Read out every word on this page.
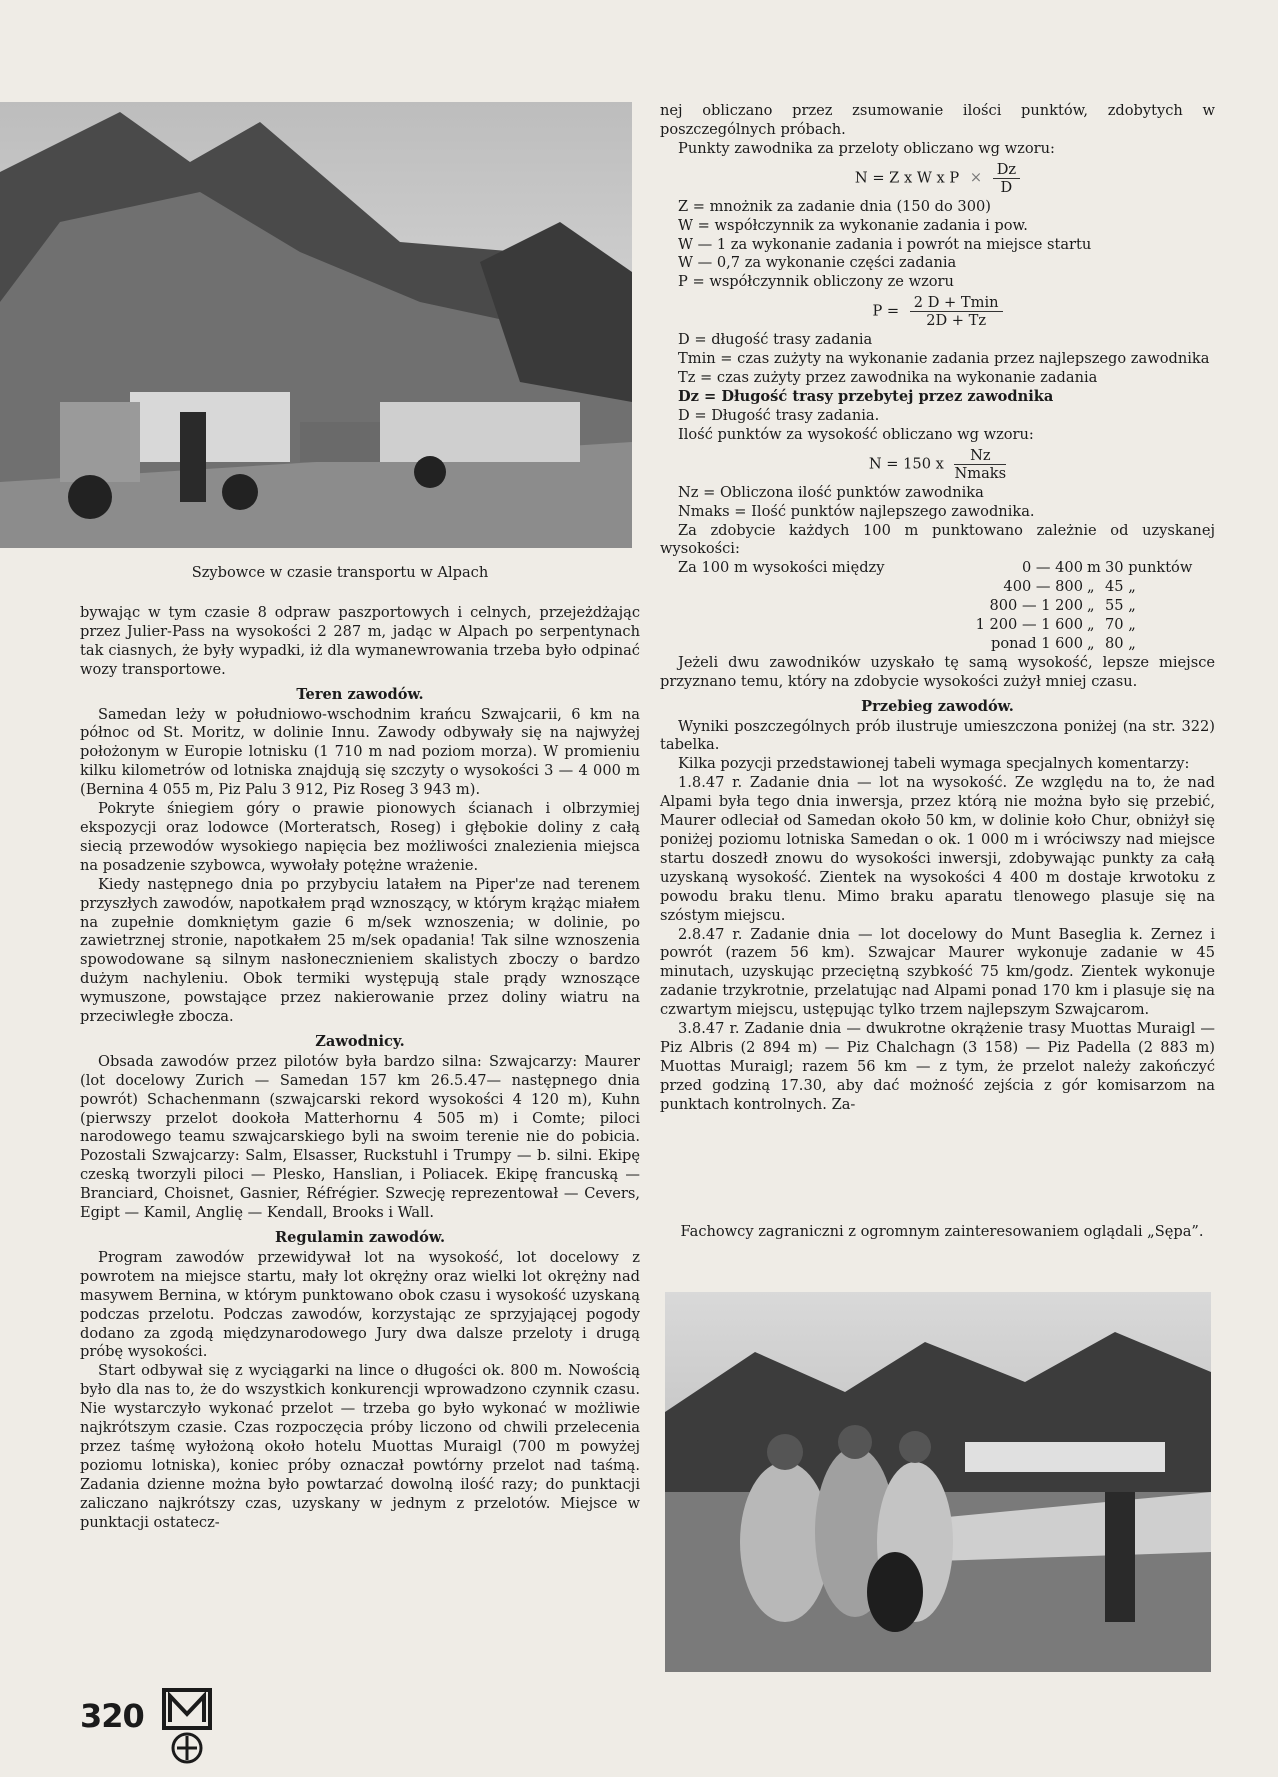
Szybowce w czasie transportu w Alpach

bywając w tym czasie 8 odpraw paszportowych i celnych, przejeżdżając przez Julier-Pass na wysokości 2 287 m, jadąc w Alpach po serpentynach tak ciasnych, że były wypadki, iż dla wymanewrowania trzeba było odpinać wozy transportowe.

Teren zawodów.

Samedan leży w południowo-wschodnim krańcu Szwajcarii, 6 km na północ od St. Moritz, w dolinie Innu. Zawody odbywały się na najwyżej położonym w Europie lotnisku (1 710 m nad poziom morza). W promieniu kilku kilometrów od lotniska znajdują się szczyty o wysokości 3 — 4 000 m (Bernina 4 055 m, Piz Palu 3 912, Piz Roseg 3 943 m).

Pokryte śniegiem góry o prawie pionowych ścianach i olbrzymiej ekspozycji oraz lodowce (Morteratsch, Roseg) i głębokie doliny z całą siecią przewodów wysokiego napięcia bez możliwości znalezienia miejsca na posadzenie szybowca, wywołały potężne wrażenie.

Kiedy następnego dnia po przybyciu latałem na Piper'ze nad terenem przyszłych zawodów, napotkałem prąd wznoszący, w którym krążąc miałem na zupełnie domkniętym gazie 6 m/sek wznoszenia; w dolinie, po zawietrznej stronie, napotkałem 25 m/sek opadania! Tak silne wznoszenia spowodowane są silnym nasłonecznieniem skalistych zboczy o bardzo dużym nachyleniu. Obok termiki występują stale prądy wznoszące wymuszone, powstające przez nakierowanie przez doliny wiatru na przeciwległe zbocza.

Zawodnicy.

Obsada zawodów przez pilotów była bardzo silna: Szwajcarzy: Maurer (lot docelowy Zurich — Samedan 157 km 26.5.47— następnego dnia powrót) Schachenmann (szwajcarski rekord wysokości 4 120 m), Kuhn (pierwszy przelot dookoła Matterhornu 4 505 m) i Comte; piloci narodowego teamu szwajcarskiego byli na swoim terenie nie do pobicia. Pozostali Szwajcarzy: Salm, Elsasser, Ruckstuhl i Trumpy — b. silni. Ekipę czeską tworzyli piloci — Plesko, Hanslian, i Poliacek. Ekipę francuską — Branciard, Choisnet, Gasnier, Réfrégier. Szwecję reprezentował — Cevers, Egipt — Kamil, Anglię — Kendall, Brooks i Wall.

Regulamin zawodów.

Program zawodów przewidywał lot na wysokość, lot docelowy z powrotem na miejsce startu, mały lot okrężny oraz wielki lot okrężny nad masywem Bernina, w którym punktowano obok czasu i wysokość uzyskaną podczas przelotu. Podczas zawodów, korzystając ze sprzyjającej pogody dodano za zgodą międzynarodowego Jury dwa dalsze przeloty i drugą próbę wysokości.

Start odbywał się z wyciągarki na lince o długości ok. 800 m. Nowością było dla nas to, że do wszystkich konkurencji wprowadzono czynnik czasu. Nie wystarczyło wykonać przelot — trzeba go było wykonać w możliwie najkrótszym czasie. Czas rozpoczęcia próby liczono od chwili przelecenia przez taśmę wyłożoną około hotelu Muottas Muraigl (700 m powyżej poziomu lotniska), koniec próby oznaczał powtórny przelot nad taśmą. Zadania dzienne można było powtarzać dowolną ilość razy; do punktacji zaliczano najkrótszy czas, uzyskany w jednym z przelotów. Miejsce w punktacji ostatecz-

nej obliczano przez zsumowanie ilości punktów, zdobytych w poszczególnych próbach.

Punkty zawodnika za przeloty obliczano wg wzoru:

N = Z x W x $P \times \frac{Dz}{D}$

Z = mnożnik za zadanie dnia (150 do 300)

W = współczynnik za wykonanie zadania i pow.

W — 1 za wykonanie zadania i powrót na miejsce startu

W — 0,7 za wykonanie części zadania

P = współczynnik obliczony ze wzoru

$P = \frac{2 D + Tmin}{2D + Tz}$

D = długość trasy zadania

Tmin = czas zużyty na wykonanie zadania przez najlepszego zawodnika

Tz = czas zużyty przez zawodnika na wykonanie zadania

Dz = Długość trasy przebytej przez zawodnika

D = Długość trasy zadania.

Ilość punktów za wysokość obliczano wg wzoru:

N = 150 x $\frac{Nz}{\text{Nmaks}}$

Nz = Obliczona ilość punktów zawodnika

Nmaks = Ilość punktów najlepszego zawodnika.

Za zdobycie każdych 100 m punktowano zależnie od uzyskanej wysokości:

Za 100 m wysokości między	0 — 400	m	30 punktów
	400 — 800	„	45 „
	800 — 1 200	„	55 „
	1 200 — 1 600	„	70 „
	ponad 1 600	„	80 „

Jeżeli dwu zawodników uzyskało tę samą wysokość, lepsze miejsce przyznano temu, który na zdobycie wysokości zużył mniej czasu.

Przebieg zawodów.

Wyniki poszczególnych prób ilustruje umieszczona poniżej (na str. 322) tabelka.

Kilka pozycji przedstawionej tabeli wymaga specjalnych komentarzy:

1.8.47 r. Zadanie dnia — lot na wysokość. Ze względu na to, że nad Alpami była tego dnia inwersja, przez którą nie można było się przebić, Maurer odleciał od Samedan około 50 km, w dolinie koło Chur, obniżył się poniżej poziomu lotniska Samedan o ok. 1 000 m i wróciwszy nad miejsce startu doszedł znowu do wysokości inwersji, zdobywając punkty za całą uzyskaną wysokość. Zientek na wysokości 4 400 m dostaje krwotoku z powodu braku tlenu. Mimo braku aparatu tlenowego plasuje się na szóstym miejscu.

2.8.47 r. Zadanie dnia — lot docelowy do Munt Baseglia k. Zernez i powrót (razem 56 km). Szwajcar Maurer wykonuje zadanie w 45 minutach, uzyskując przeciętną szybkość 75 km/godz. Zientek wykonuje zadanie trzykrotnie, przelatując nad Alpami ponad 170 km i plasuje się na czwartym miejscu, ustępując tylko trzem najlepszym Szwajcarom.

3.8.47 r. Zadanie dnia — dwukrotne okrążenie trasy Muottas Muraigl — Piz Albris (2 894 m) — Piz Chalchagn (3 158) — Piz Padella (2 883 m) Muottas Muraigl; razem 56 km — z tym, że przelot należy zakończyć przed godziną 17.30, aby dać możność zejścia z gór komisarzom na punktach kontrolnych. Za-

Fachowcy zagraniczni z ogromnym zainteresowaniem oglądali „Sępa”.
320
